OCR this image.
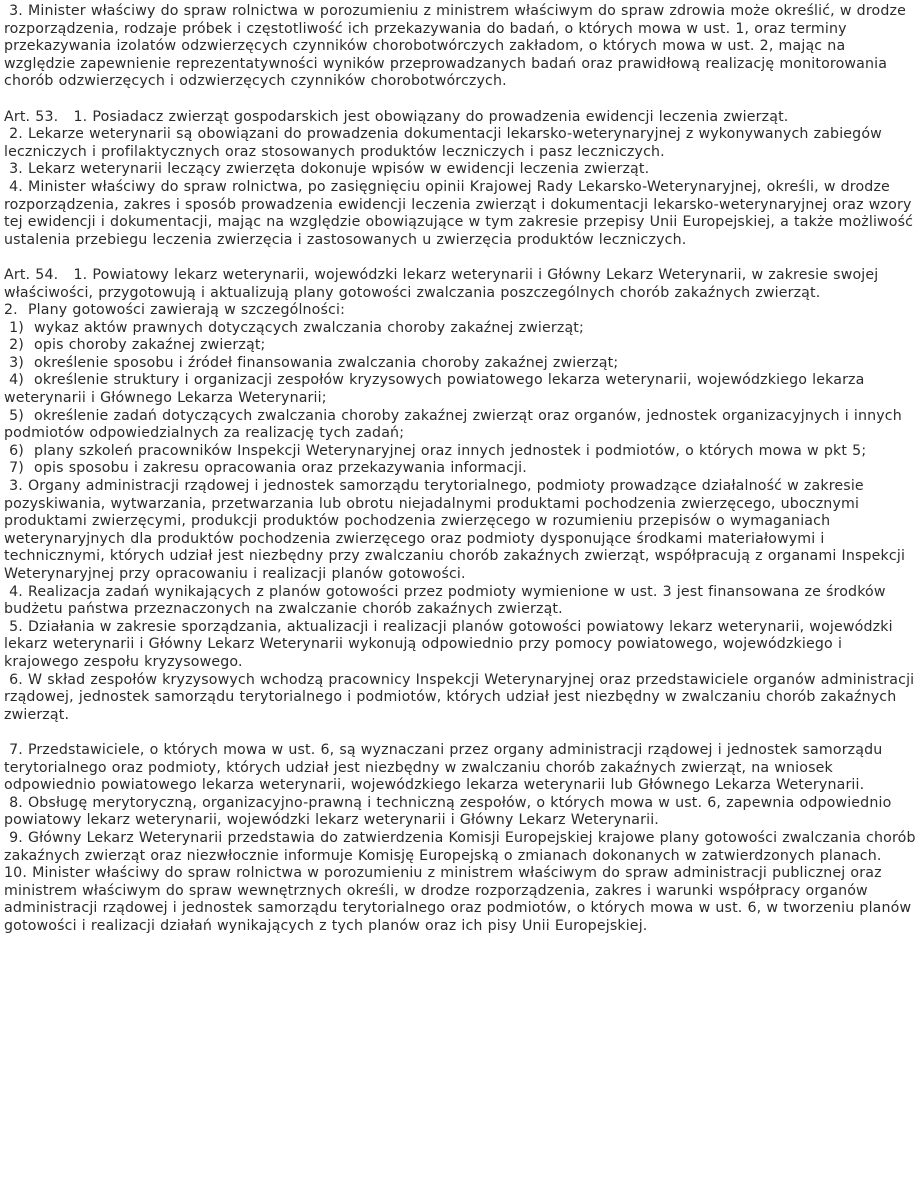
3. Minister właściwy do spraw rolnictwa w porozumieniu z ministrem właściwym do spraw zdrowia może określić, w drodze rozporządzenia, rodzaje próbek i częstotliwość ich przekazywania do badań, o których mowa w ust. 1, oraz terminy przekazywania izolatów odzwierzęcych czynników chorobotwórczych zakładom, o których mowa w ust. 2, mając na względzie zapewnienie reprezentatywności wyników przeprowadzanych badań oraz prawidłową realizację monitorowania chorób odzwierzęcych i odzwierzęcych czynników chorobotwórczych.

Art. 53.   1. Posiadacz zwierząt gospodarskich jest obowiązany do prowadzenia ewidencji leczenia zwierząt.

2. Lekarze weterynarii są obowiązani do prowadzenia dokumentacji lekarsko-weterynaryjnej z wykonywanych zabiegów leczniczych i profilaktycznych oraz stosowanych produktów leczniczych i pasz leczniczych.

3. Lekarz weterynarii leczący zwierzęta dokonuje wpisów w ewidencji leczenia zwierząt.

4. Minister właściwy do spraw rolnictwa, po zasięgnięciu opinii Krajowej Rady Lekarsko-Weterynaryjnej, określi, w drodze rozporządzenia, zakres i sposób prowadzenia ewidencji leczenia zwierząt i dokumentacji lekarsko-weterynaryjnej oraz wzory tej ewidencji i dokumentacji, mając na względzie obowiązujące w tym zakresie przepisy Unii Europejskiej, a także możliwość ustalenia przebiegu leczenia zwierzęcia i zastosowanych u zwierzęcia produktów leczniczych.

Art. 54.   1. Powiatowy lekarz weterynarii, wojewódzki lekarz weterynarii i Główny Lekarz Weterynarii, w zakresie swojej właściwości, przygotowują i aktualizują plany gotowości zwalczania poszczególnych chorób zakaźnych zwierząt.

2.  Plany gotowości zawierają w szczególności:

1)  wykaz aktów prawnych dotyczących zwalczania choroby zakaźnej zwierząt;

2)  opis choroby zakaźnej zwierząt;

3)  określenie sposobu i źródeł finansowania zwalczania choroby zakaźnej zwierząt;

4)  określenie struktury i organizacji zespołów kryzysowych powiatowego lekarza weterynarii, wojewódzkiego lekarza weterynarii i Głównego Lekarza Weterynarii;

5)  określenie zadań dotyczących zwalczania choroby zakaźnej zwierząt oraz organów, jednostek organizacyjnych i innych podmiotów odpowiedzialnych za realizację tych zadań;

6)  plany szkoleń pracowników Inspekcji Weterynaryjnej oraz innych jednostek i podmiotów, o których mowa w pkt 5;

7)  opis sposobu i zakresu opracowania oraz przekazywania informacji.

3. Organy administracji rządowej i jednostek samorządu terytorialnego, podmioty prowadzące działalność w zakresie pozyskiwania, wytwarzania, przetwarzania lub obrotu niejadalnymi produktami pochodzenia zwierzęcego, ubocznymi produktami zwierzęcymi, produkcji produktów pochodzenia zwierzęcego w rozumieniu przepisów o wymaganiach weterynaryjnych dla produktów pochodzenia zwierzęcego oraz podmioty dysponujące środkami materiałowymi i technicznymi, których udział jest niezbędny przy zwalczaniu chorób zakaźnych zwierząt, współpracują z organami Inspekcji Weterynaryjnej przy opracowaniu i realizacji planów gotowości.

4. Realizacja zadań wynikających z planów gotowości przez podmioty wymienione w ust. 3 jest finansowana ze środków budżetu państwa przeznaczonych na zwalczanie chorób zakaźnych zwierząt.

5. Działania w zakresie sporządzania, aktualizacji i realizacji planów gotowości powiatowy lekarz weterynarii, wojewódzki lekarz weterynarii i Główny Lekarz Weterynarii wykonują odpowiednio przy pomocy powiatowego, wojewódzkiego i krajowego zespołu kryzysowego.

6. W skład zespołów kryzysowych wchodzą pracownicy Inspekcji Weterynaryjnej oraz przedstawiciele organów administracji rządowej, jednostek samorządu terytorialnego i podmiotów, których udział jest niezbędny w zwalczaniu chorób zakaźnych zwierząt.

7. Przedstawiciele, o których mowa w ust. 6, są wyznaczani przez organy administracji rządowej i jednostek samorządu terytorialnego oraz podmioty, których udział jest niezbędny w zwalczaniu chorób zakaźnych zwierząt, na wniosek odpowiednio powiatowego lekarza weterynarii, wojewódzkiego lekarza weterynarii lub Głównego Lekarza Weterynarii.

8. Obsługę merytoryczną, organizacyjno-prawną i techniczną zespołów, o których mowa w ust. 6, zapewnia odpowiednio powiatowy lekarz weterynarii, wojewódzki lekarz weterynarii i Główny Lekarz Weterynarii.

9. Główny Lekarz Weterynarii przedstawia do zatwierdzenia Komisji Europejskiej krajowe plany gotowości zwalczania chorób zakaźnych zwierząt oraz niezwłocznie informuje Komisję Europejską o zmianach dokonanych w zatwierdzonych planach.

10. Minister właściwy do spraw rolnictwa w porozumieniu z ministrem właściwym do spraw administracji publicznej oraz ministrem właściwym do spraw wewnętrznych określi, w drodze rozporządzenia, zakres i warunki współpracy organów administracji rządowej i jednostek samorządu terytorialnego oraz podmiotów, o których mowa w ust. 6, w tworzeniu planów gotowości i realizacji działań wynikających z tych planów oraz ich pisy Unii Europejskiej.
